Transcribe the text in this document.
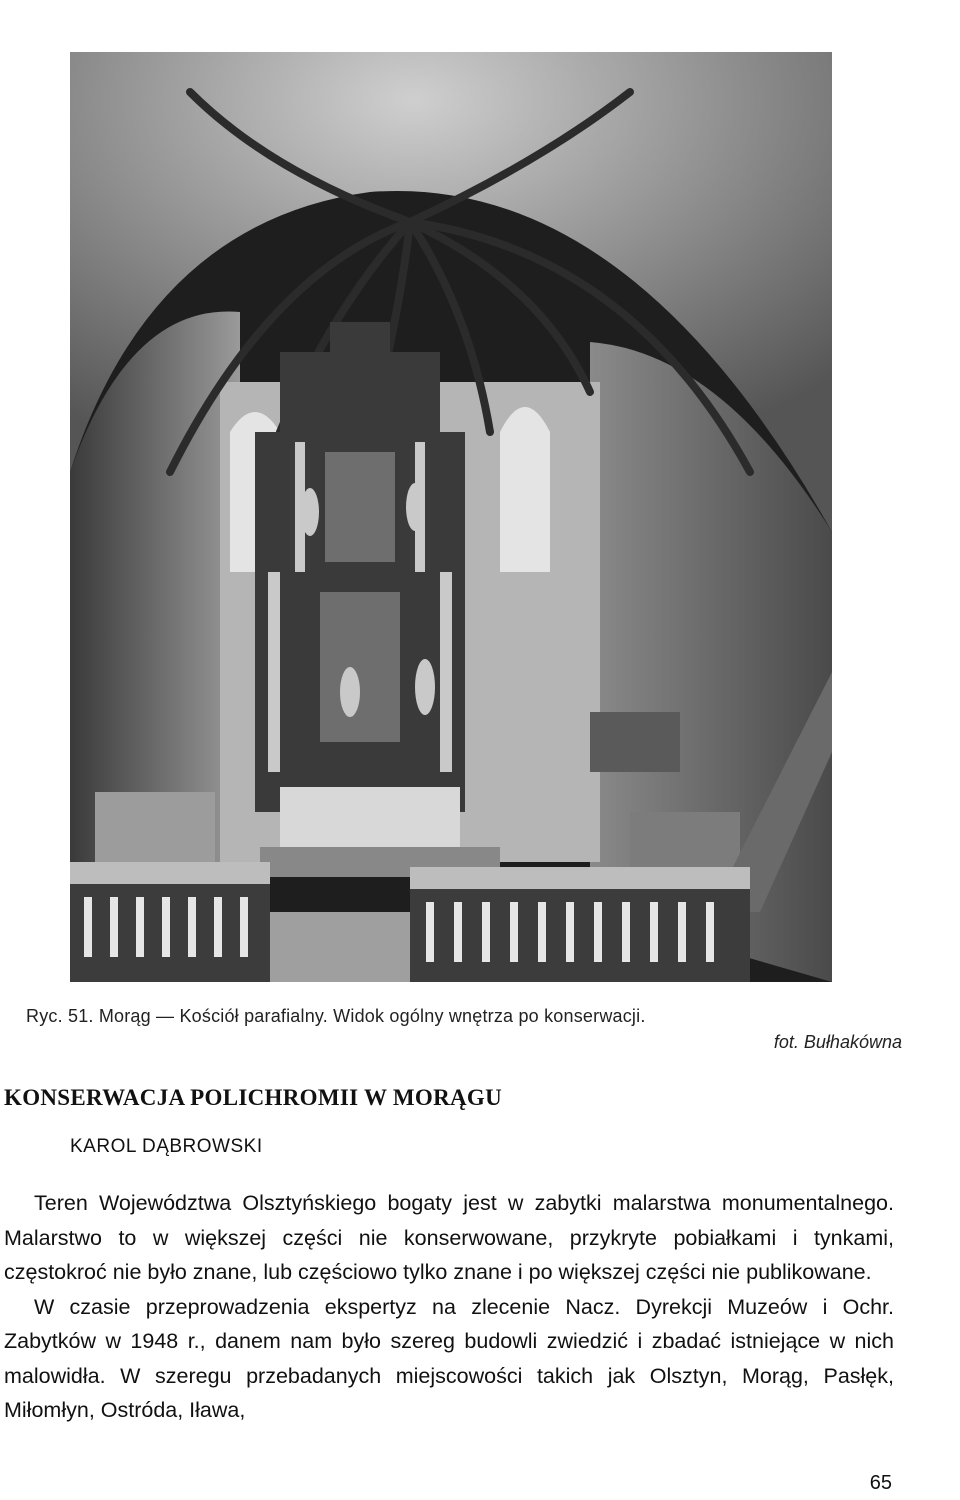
Ryc. 51. Morąg — Kościół parafialny. Widok ogólny wnętrza po konserwacji.
fot. Bułhakówna
KONSERWACJA POLICHROMII W MORĄGU
KAROL DĄBROWSKI

Teren Województwa Olsztyńskiego bogaty jest w zabytki malarstwa monumentalnego. Malarstwo to w większej części nie konserwowane, przykryte pobiałkami i tynkami, częstokroć nie było znane, lub częściowo tylko znane i po większej części nie publikowane.

W czasie przeprowadzenia ekspertyz na zlecenie Nacz. Dyrekcji Muzeów i Ochr. Zabytków w 1948 r., danem nam było szereg budowli zwiedzić i zbadać istniejące w nich malowidła. W szeregu przebadanych miejscowości takich jak Olsztyn, Morąg, Pasłęk, Miłomłyn, Ostróda, Iława,

65
